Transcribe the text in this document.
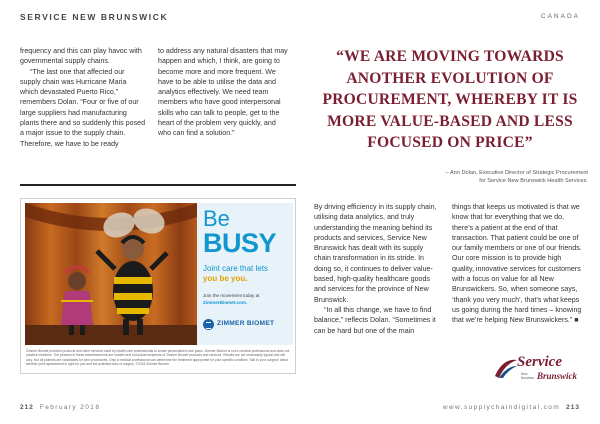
SERVICE NEW BRUNSWICK	CANADA

frequency and this can play havoc with governmental supply chains.

“The last one that affected our supply chain was Hurricane Maria which devastated Puerto Rico,” remembers Dolan. “Four or five of our large suppliers had manufacturing plants there and so suddenly this posed a major issue to the supply chain. Therefore, we have to be ready

to address any natural disasters that may happen and which, I think, are going to become more and more frequent. We have to be able to utilise the data and analytics effectively. We need team members who have good interpersonal skills who can talk to people, get to the heart of the problem very quickly, and who can find a solution.”

Be
BUSY
Joint care that lets
you be you.
Join the movement today at
ZimmerBiomet.com.
ZIMMER BIOMET
Zimmer Biomet provides products and other services used by health care professionals to create personalized care plans. Zimmer Biomet is not a medical professional and does not practice medicine. The persons in these advertisements are models and not actual recipients of Zimmer Biomet products and services. Results are not necessarily typical and will vary. Not all patients are candidates for joint procedures. Only a medical professional can determine the treatment appropriate for your specific condition. Talk to your surgeon about whether joint replacement is right for you and the potential risks of surgery. ©2018 Zimmer Biomet.
“WE ARE MOVING TOWARDS ANOTHER EVOLUTION OF PROCUREMENT, WHEREBY IT IS MORE VALUE-BASED AND LESS FOCUSED ON PRICE”
– Ann Dolan, Executive Director of Strategic Procurement
for Service New Brunswick Health Services.

By driving efficiency in its supply chain, utilising data analytics, and truly understanding the meaning behind its products and services, Service New Brunswick has dealt with its supply chain transformation in its stride. In doing so, it continues to deliver value-based, high-quality healthcare goods and services for the province of New Brunswick.

“In all this change, we have to find balance,” reflects Dolan. “Sometimes it can be hard but one of the main

things that keeps us motivated is that we know that for everything that we do, there’s a patient at the end of that transaction. That patient could be one of our family members or one of our friends. Our core mission is to provide high quality, innovative services for customers with a focus on value for all New Brunswickers. So, when someone says, ‘thank you very much’, that’s what keeps us going during the hard times – knowing that we’re helping New Brunswickers.” ■

Service
New
Nouveau Brunswick
212 February 2018	www.supplychaindigital.com 213
